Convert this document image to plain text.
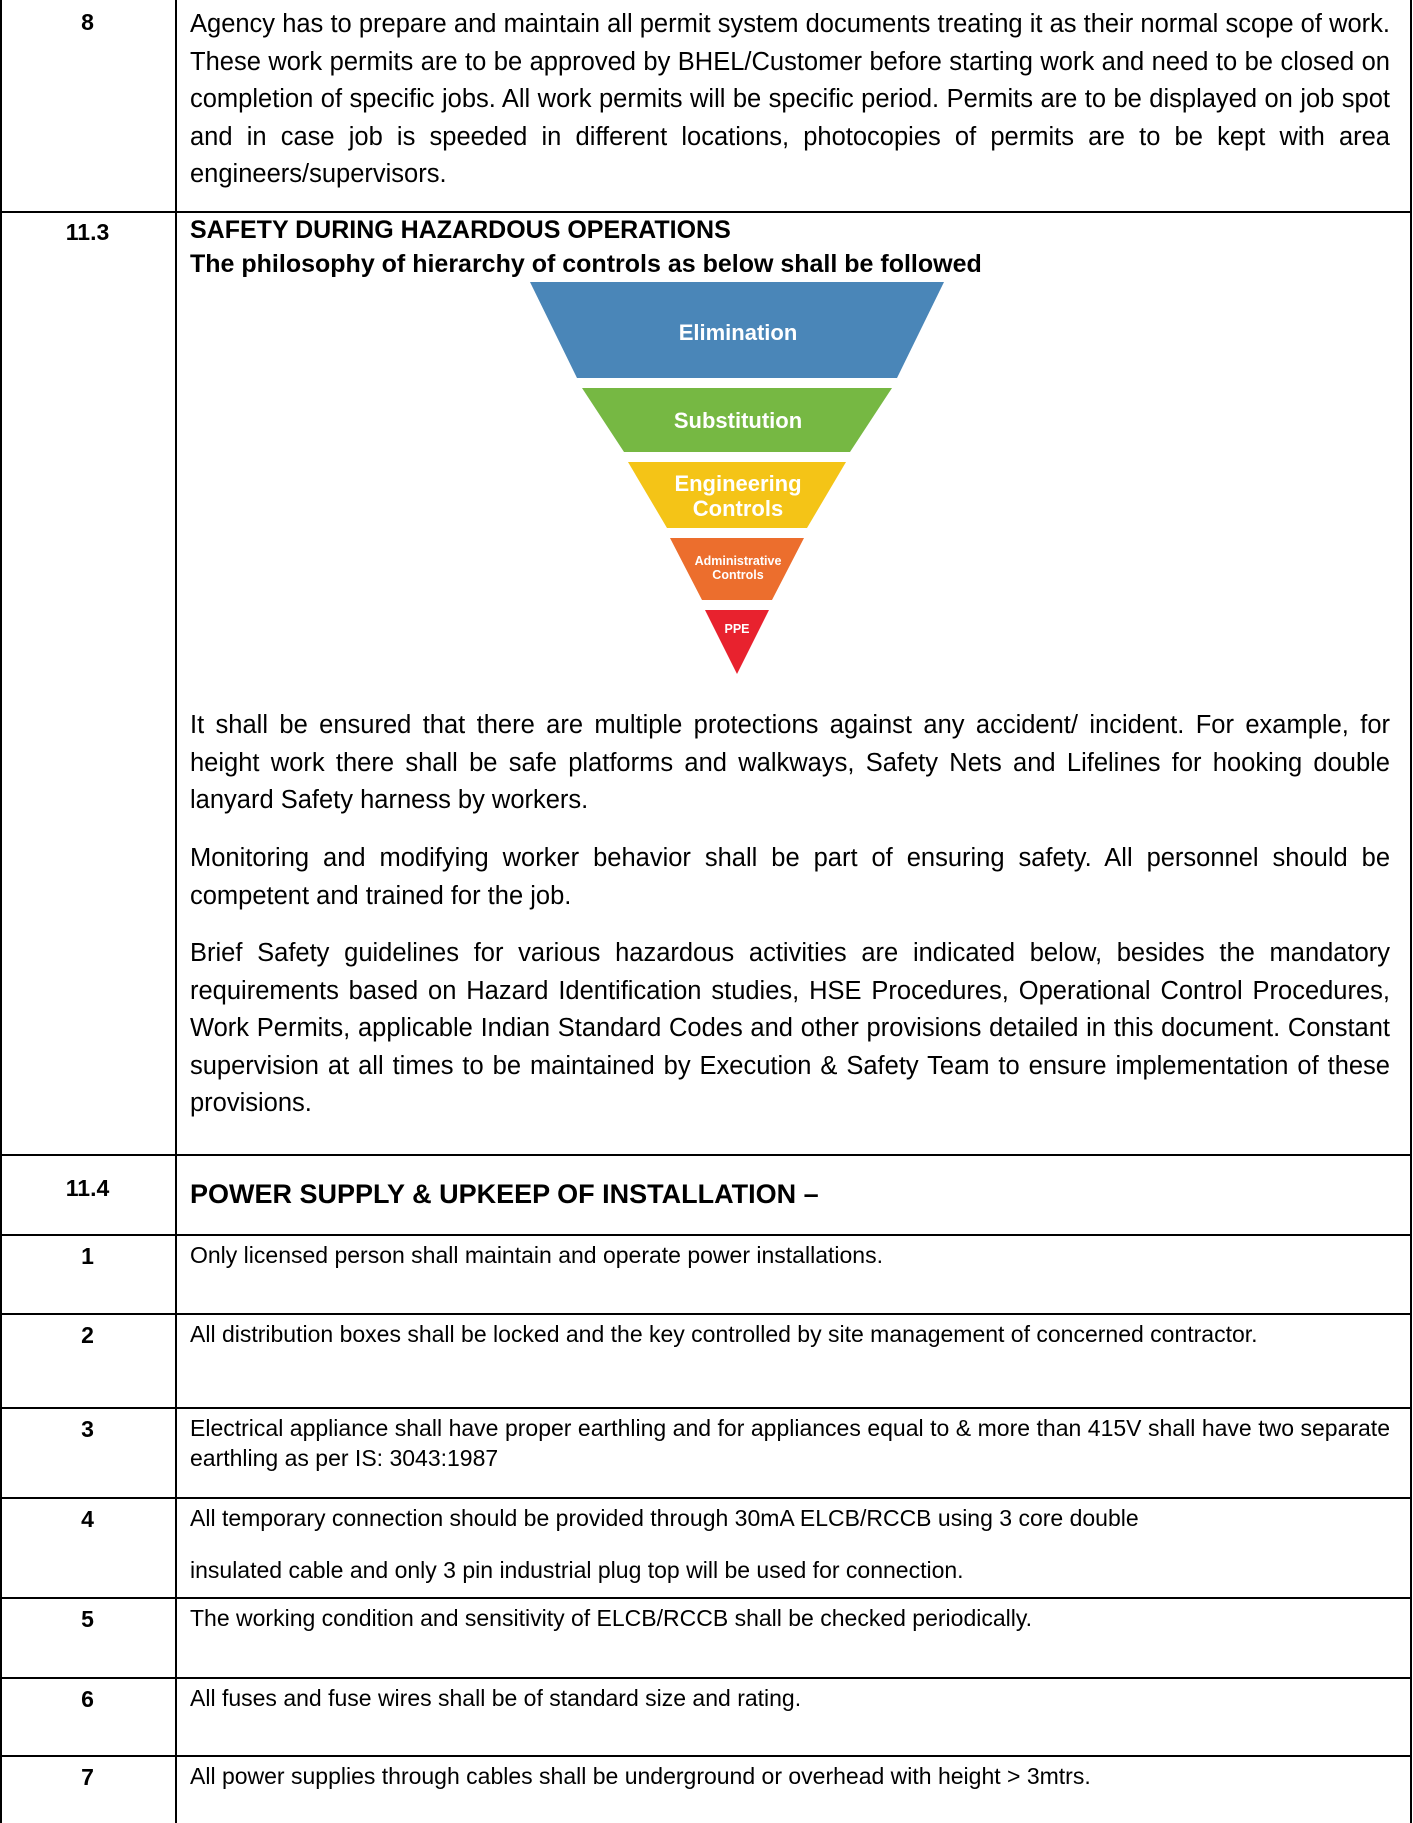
8	Agency has to prepare and maintain all permit system documents treating it as their normal scope of work. These work permits are to be approved by BHEL/Customer before starting work and need to be closed on completion of specific jobs. All work permits will be specific period. Permits are to be displayed on job spot and in case job is speeded in different locations, photocopies of permits are to be kept with area engineers/supervisors.
11.3	SAFETY DURING HAZARDOUS OPERATIONS
The philosophy of hierarchy of controls as below shall be followed
Elimination
Substitution
Engineering
Controls
Administrative
Controls
PPE
It shall be ensured that there are multiple protections against any accident/ incident. For example, for height work there shall be safe platforms and walkways, Safety Nets and Lifelines for hooking double lanyard Safety harness by workers.
Monitoring and modifying worker behavior shall be part of ensuring safety. All personnel should be competent and trained for the job.
Brief Safety guidelines for various hazardous activities are indicated below, besides the mandatory requirements based on Hazard Identification studies, HSE Procedures, Operational Control Procedures, Work Permits, applicable Indian Standard Codes and other provisions detailed in this document. Constant supervision at all times to be maintained by Execution & Safety Team to ensure implementation of these provisions.
11.4	POWER SUPPLY & UPKEEP OF INSTALLATION –
1	Only licensed person shall maintain and operate power installations.
2	All distribution boxes shall be locked and the key controlled by site management of concerned contractor.
3	Electrical appliance shall have proper earthling and for appliances equal to & more than 415V shall have two separate earthling as per IS: 3043:1987
4	All temporary connection should be provided through 30mA ELCB/RCCB using 3 core double
insulated cable and only 3 pin industrial plug top will be used for connection.
5	The working condition and sensitivity of ELCB/RCCB shall be checked periodically.
6	All fuses and fuse wires shall be of standard size and rating.
7	All power supplies through cables shall be underground or overhead with height > 3mtrs.
